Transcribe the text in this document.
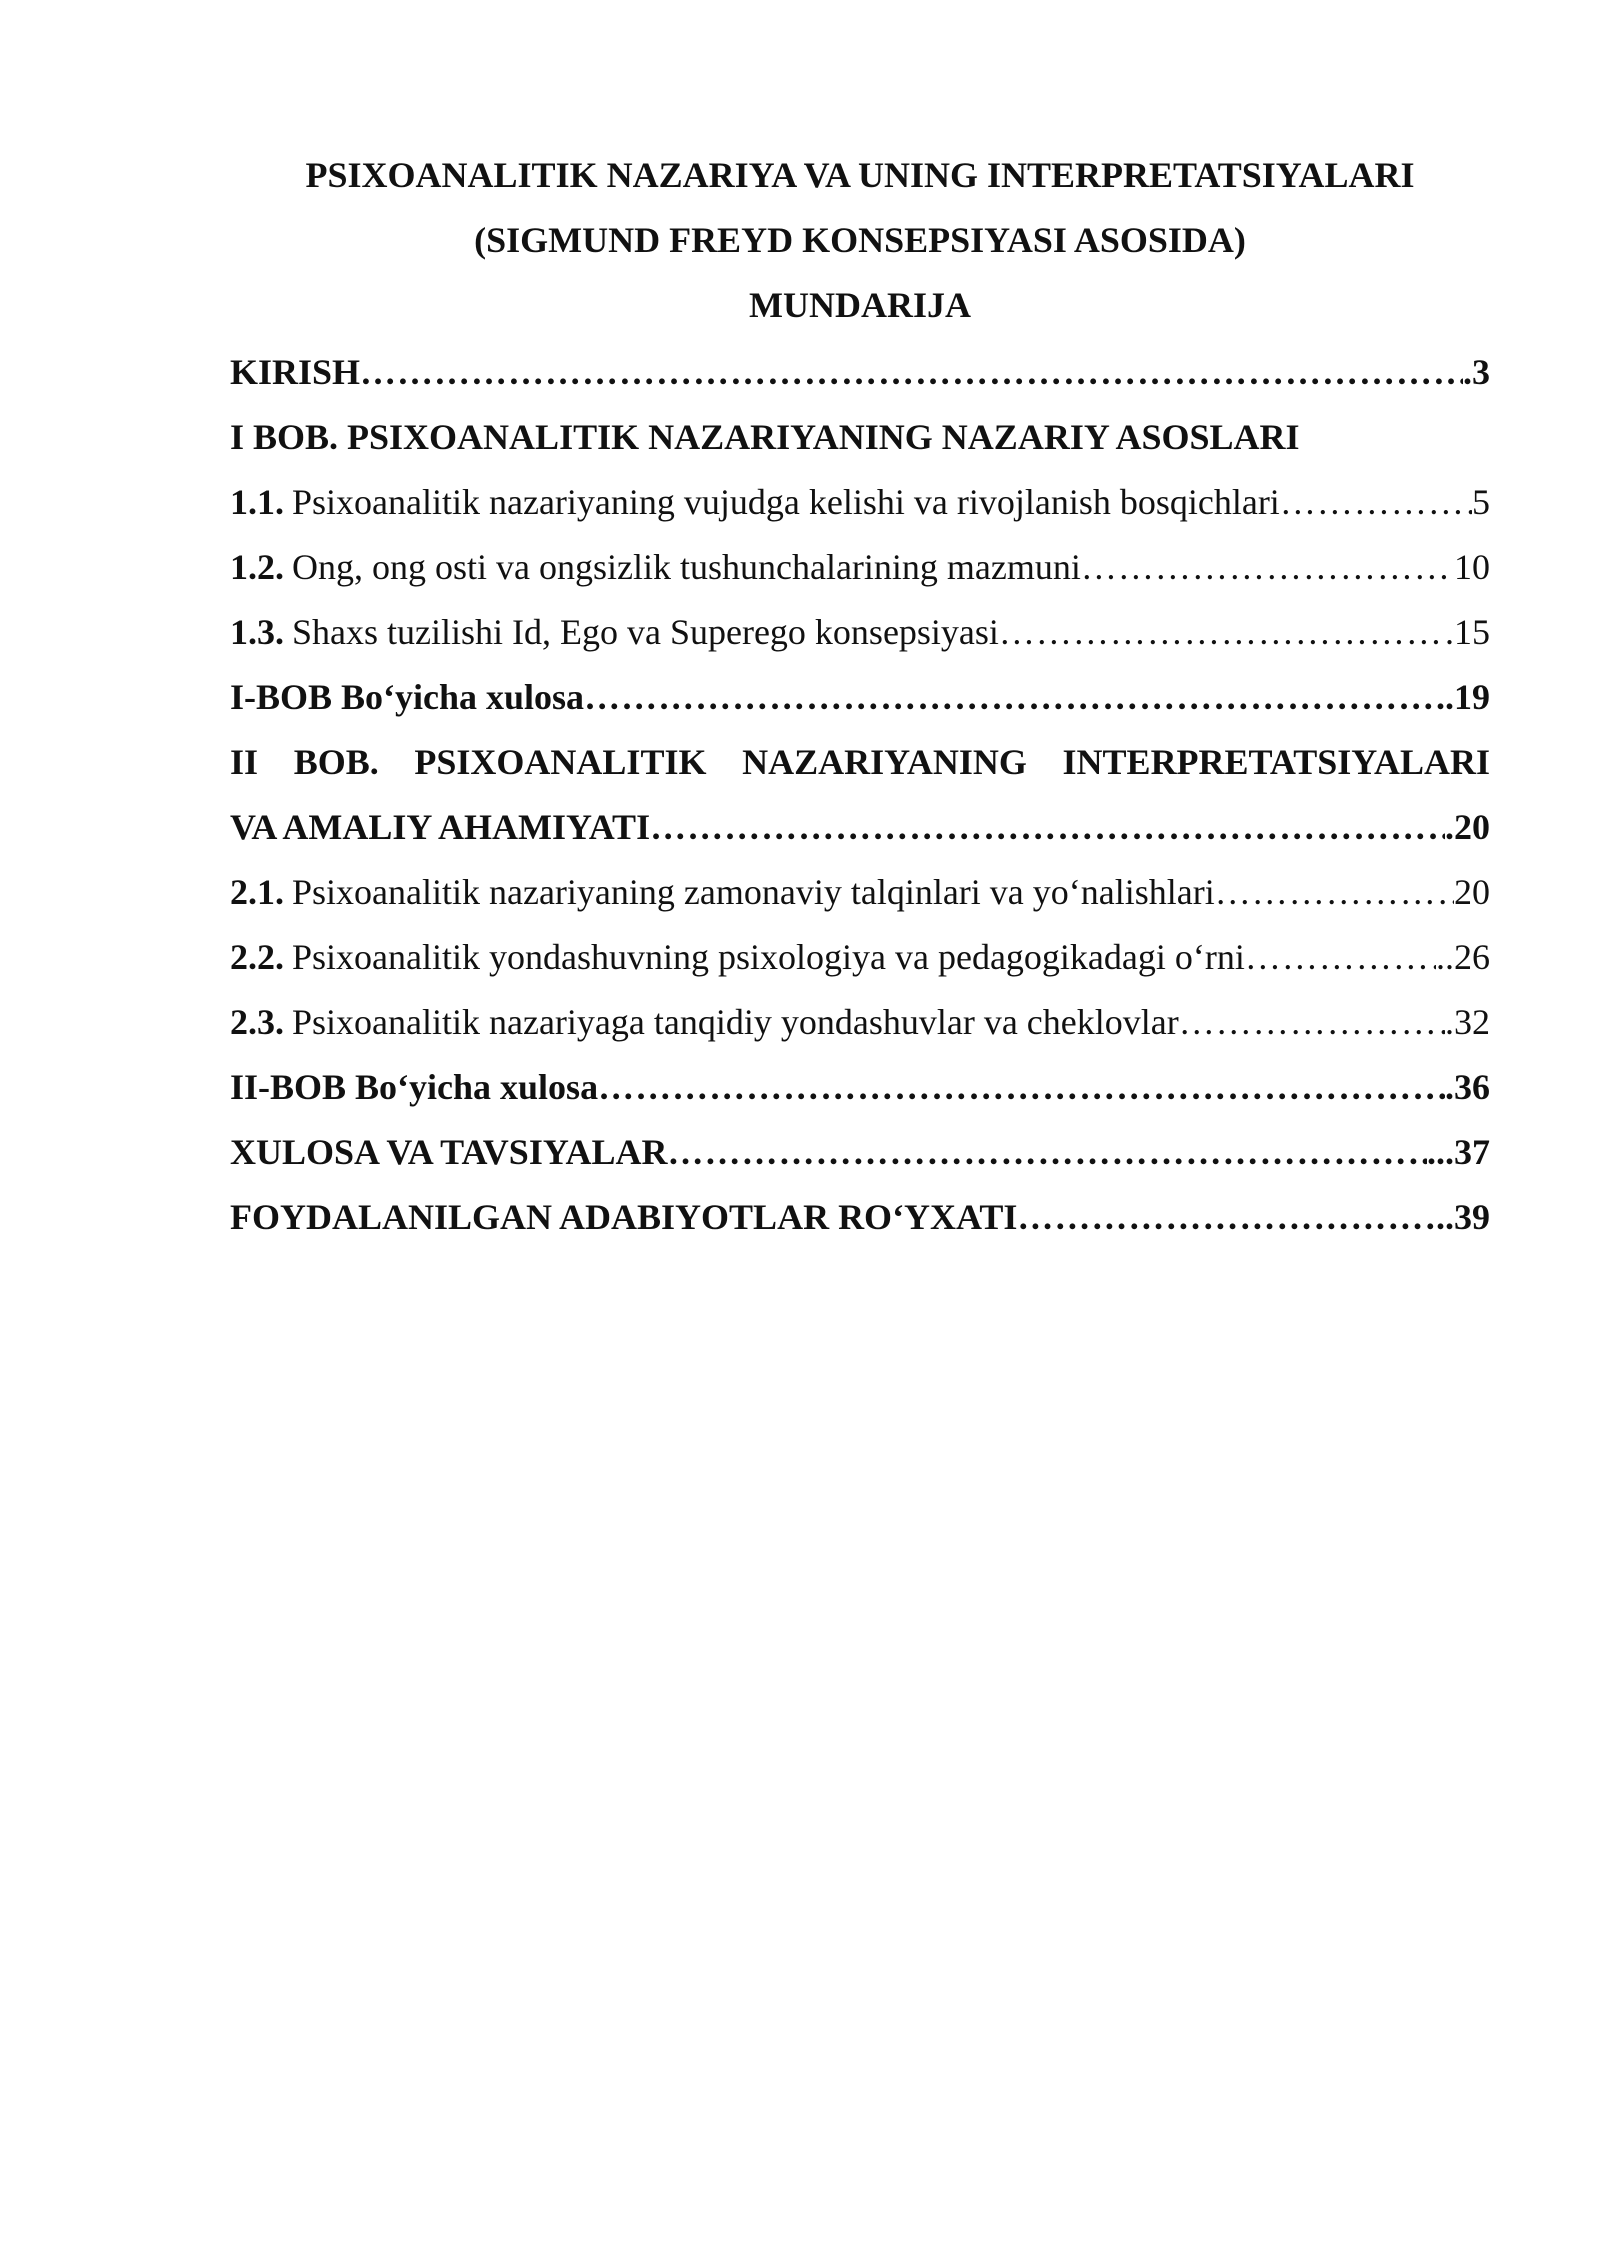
PSIXOANALITIK NAZARIYA VA UNING INTERPRETATSIYALARI
(SIGMUND FREYD KONSEPSIYASI ASOSIDA)
MUNDARIJA
KIRISH ……………………………………………………………………………………………………………………………………………	.3
I BOB. PSIXOANALITIK NAZARIYANING NAZARIY ASOSLARI
1.1. Psixoanalitik nazariyaning vujudga kelishi va rivojlanish bosqichlari ……………………………………………………………………………………………………………………………………………	5
1.2. Ong, ong osti va ongsizlik tushunchalarining mazmuni ……………………………………………………………………………………………………………………………………………	10
1.3. Shaxs tuzilishi Id, Ego va Superego konsepsiyasi ……………………………………………………………………………………………………………………………………………	.15
I-BOB Bo‘yicha xulosa ……………………………………………………………………………………………………………………………………………	..19
II BOB. PSIXOANALITIK NAZARIYANING INTERPRETATSIYALARI
VA AMALIY AHAMIYATI ……………………………………………………………………………………………………………………………………………	.20
2.1. Psixoanalitik nazariyaning zamonaviy talqinlari va yo‘nalishlari ……………………………………………………………………………………………………………………………………………	20
2.2. Psixoanalitik yondashuvning psixologiya va pedagogikadagi o‘rni ……………………………………………………………………………………………………………………………………………	..26
2.3. Psixoanalitik nazariyaga tanqidiy yondashuvlar va cheklovlar ……………………………………………………………………………………………………………………………………………	.32
II-BOB Bo‘yicha xulosa ……………………………………………………………………………………………………………………………………………	.36
XULOSA VA TAVSIYALAR ……………………………………………………………………………………………………………………………………………	...37
FOYDALANILGAN ADABIYOTLAR RO‘YXATI ……………………………………………………………………………………………………………………………………………	..39
